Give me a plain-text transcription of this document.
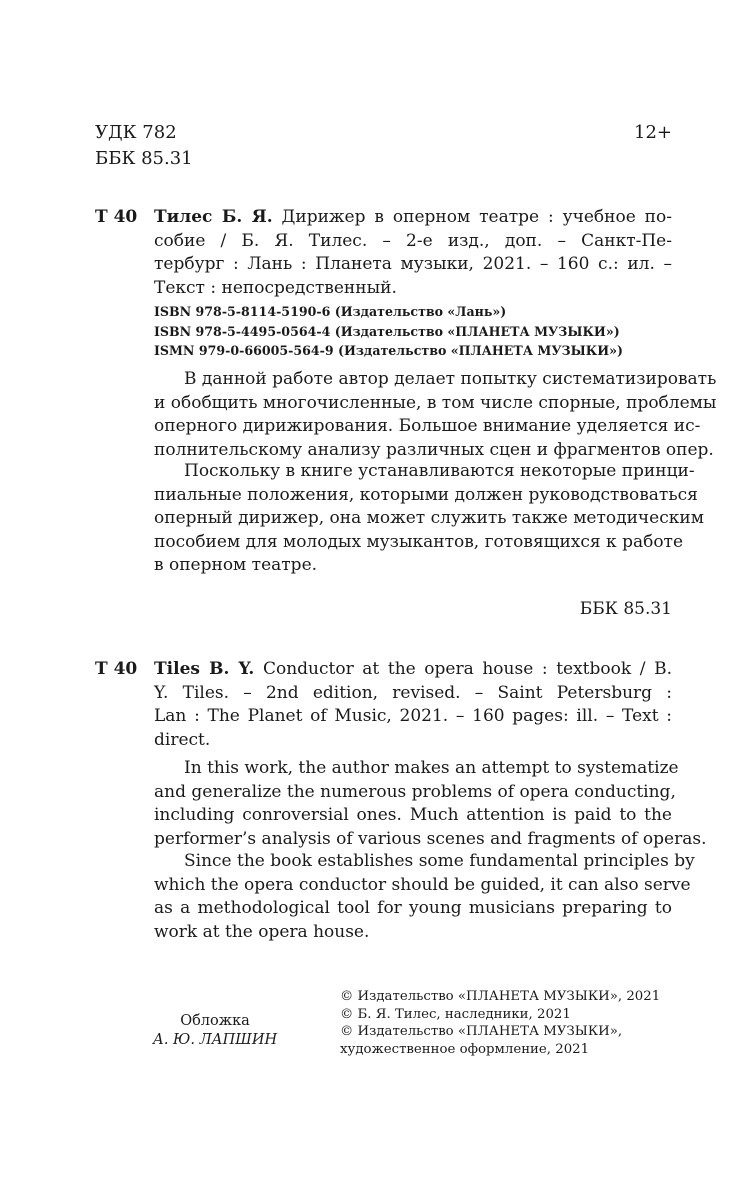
УДК 782
ББК 85.31
12+
Т 40 Тилес Б. Я. Дирижер в оперном театре : учебное по-
собие / Б. Я. Тилес. – 2-е изд., доп. – Санкт-Пе-
тербург : Лань : Планета музыки, 2021. – 160 с.: ил. –
Текст : непосредственный.
ISBN 978-5-8114-5190-6 (Издательство «Лань»)
ISBN 978-5-4495-0564-4 (Издательство «ПЛАНЕТА МУЗЫКИ»)
ISMN 979-0-66005-564-9 (Издательство «ПЛАНЕТА МУЗЫКИ»)
В данной работе автор делает попытку систематизировать
и обобщить многочисленные, в том числе спорные, проблемы
оперного дирижирования. Большое внимание уделяется ис-
полнительскому анализу различных сцен и фрагментов опер.
Поскольку в книге устанавливаются некоторые принци-
пиальные положения, которыми должен руководствоваться
оперный дирижер, она может служить также методическим
пособием для молодых музыкантов, готовящихся к работе
в оперном театре.
ББК 85.31
Т 40 Tiles B. Y. Conductor at the opera house : textbook / B.
Y. Tiles. – 2nd edition, revised. – Saint Petersburg :
Lan : The Planet of Music, 2021. – 160 pages: ill. – Text :
direct.
In this work, the author makes an attempt to systematize
and generalize the numerous problems of opera conducting,
including conroversial ones. Much attention is paid to the
performer’s analysis of various scenes and fragments of operas.
Since the book establishes some fundamental principles by
which the opera conductor should be guided, it can also serve
as a methodological tool for young musicians preparing to
work at the opera house.
Обложка
А. Ю. ЛАПШИН
© Издательство «ПЛАНЕТА МУЗЫКИ», 2021
© Б. Я. Тилес, наследники, 2021
© Издательство «ПЛАНЕТА МУЗЫКИ»,
художественное оформление, 2021
